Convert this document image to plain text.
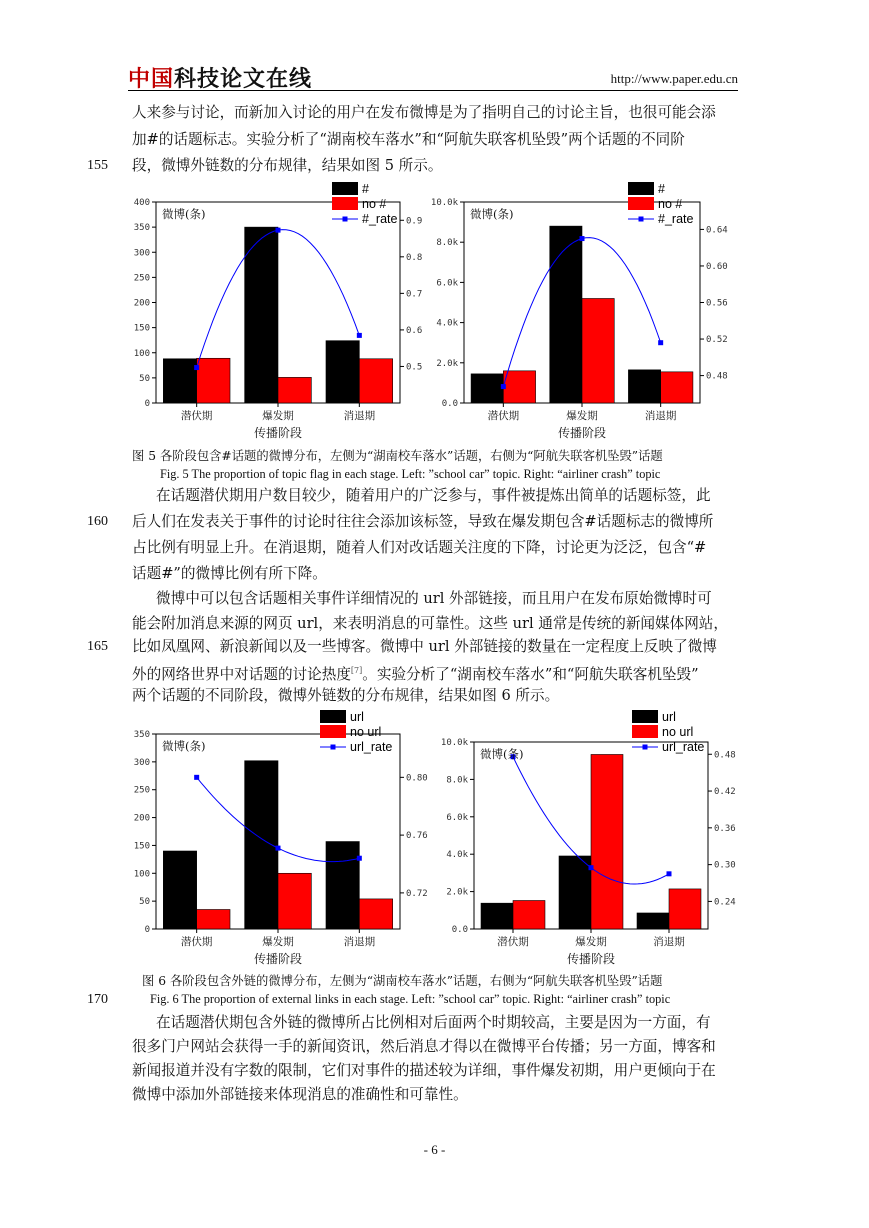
中国科技论文在线	http://www.paper.edu.cn
人来参与讨论，而新加入讨论的用户在发布微博是为了指明自己的讨论主旨，也很可能会添
加#的话题标志。实验分析了“湖南校车落水”和“阿航失联客机坠毁”两个话题的不同阶
段，微博外链数的分布规律，结果如图 5 所示。
155
0
50
100
150
200
250
300
350
400
0.5
0.6
0.7
0.8
0.9
潜伏期	爆发期	消退期
微博(条)
传播阶段
#
no #
#_rate
0.0
2.0k
4.0k
6.0k
8.0k
10.0k
0.48
0.52
0.56
0.60
0.64
潜伏期	爆发期	消退期
微博(条)
传播阶段
#
no #
#_rate
图 5 各阶段包含#话题的微博分布，左侧为“湖南校车落水”话题，右侧为“阿航失联客机坠毁”话题
Fig. 5 The proportion of topic flag in each stage. Left: ”school car” topic. Right: “airliner crash” topic
在话题潜伏期用户数目较少，随着用户的广泛参与，事件被提炼出简单的话题标签，此
后人们在发表关于事件的讨论时往往会添加该标签，导致在爆发期包含#话题标志的微博所
160
占比例有明显上升。在消退期，随着人们对改话题关注度的下降，讨论更为泛泛，包含“#
话题#”的微博比例有所下降。
微博中可以包含话题相关事件详细情况的 url 外部链接，而且用户在发布原始微博时可
能会附加消息来源的网页 url，来表明消息的可靠性。这些 url 通常是传统的新闻媒体网站，
比如凤凰网、新浪新闻以及一些博客。微博中 url 外部链接的数量在一定程度上反映了微博
165
外的网络世界中对话题的讨论热度[7]。实验分析了“湖南校车落水”和“阿航失联客机坠毁”
两个话题的不同阶段，微博外链数的分布规律，结果如图 6 所示。
0
50
100
150
200
250
300
350
0.72
0.76
0.80
潜伏期	爆发期	消退期
微博(条)
传播阶段
url
no url
url_rate
0.0
2.0k
4.0k
6.0k
8.0k
10.0k
0.24
0.30
0.36
0.42
0.48
潜伏期	爆发期	消退期
微博(条)
传播阶段
url
no url
url_rate
图 6 各阶段包含外链的微博分布，左侧为“湖南校车落水”话题，右侧为“阿航失联客机坠毁”话题
Fig. 6 The proportion of external links in each stage. Left: ”school car” topic. Right: “airliner crash” topic
170
在话题潜伏期包含外链的微博所占比例相对后面两个时期较高，主要是因为一方面，有
很多门户网站会获得一手的新闻资讯，然后消息才得以在微博平台传播；另一方面，博客和
新闻报道并没有字数的限制，它们对事件的描述较为详细，事件爆发初期，用户更倾向于在
微博中添加外部链接来体现消息的准确性和可靠性。
- 6 -
